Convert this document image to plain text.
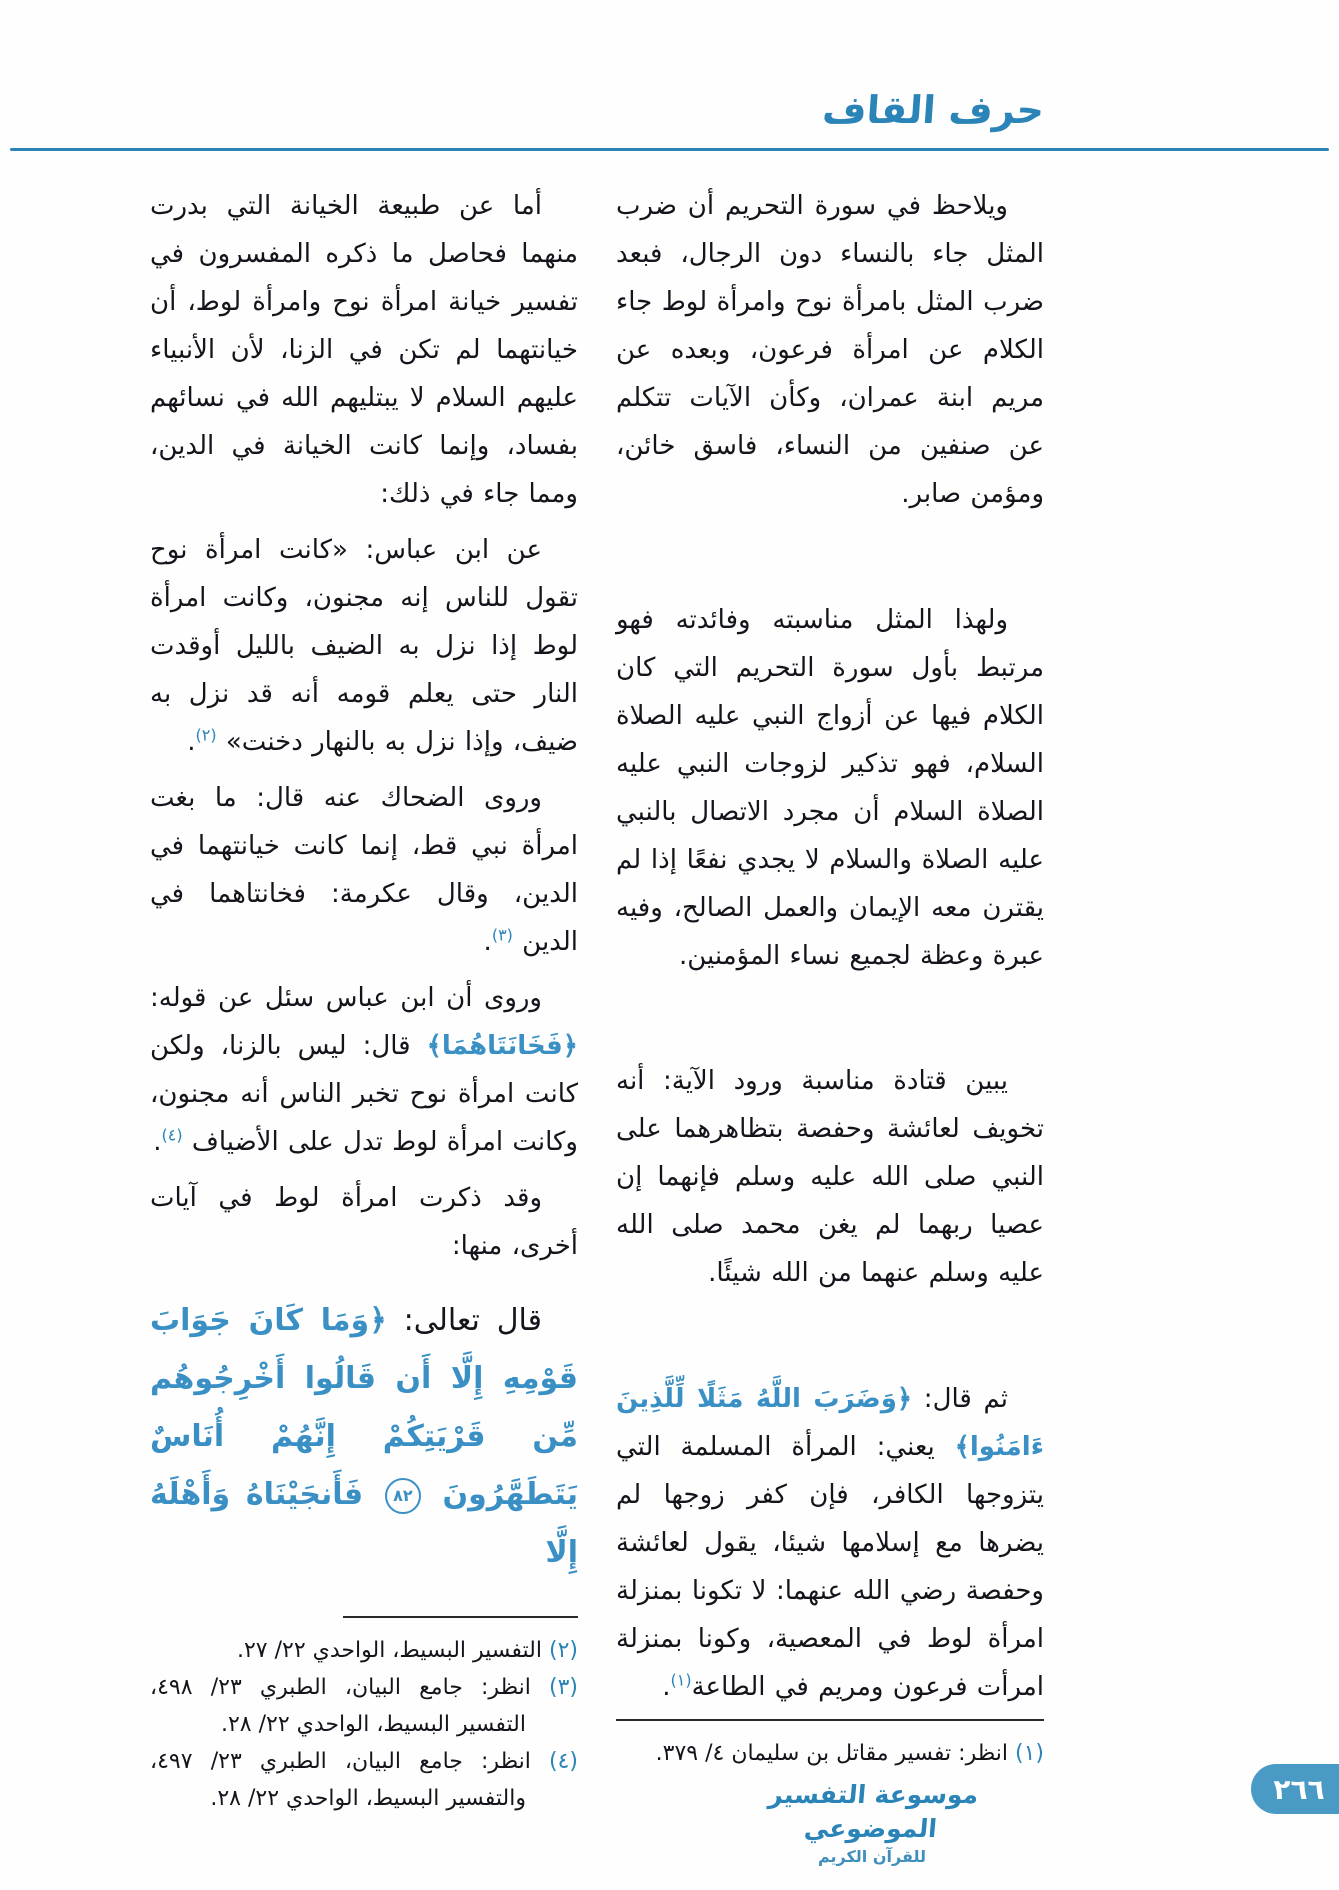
حرف القاف

ويلاحظ في سورة التحريم أن ضرب المثل جاء بالنساء دون الرجال، فبعد ضرب المثل بامرأة نوح وامرأة لوط جاء الكلام عن امرأة فرعون، وبعده عن مريم ابنة عمران، وكأن الآيات تتكلم عن صنفين من النساء، فاسق خائن، ومؤمن صابر.

ولهذا المثل مناسبته وفائدته فهو مرتبط بأول سورة التحريم التي كان الكلام فيها عن أزواج النبي عليه الصلاة السلام، فهو تذكير لزوجات النبي عليه الصلاة السلام أن مجرد الاتصال بالنبي عليه الصلاة والسلام لا يجدي نفعًا إذا لم يقترن معه الإيمان والعمل الصالح، وفيه عبرة وعظة لجميع نساء المؤمنين.

يبين قتادة مناسبة ورود الآية: أنه تخويف لعائشة وحفصة بتظاهرهما على النبي صلى الله عليه وسلم فإنهما إن عصيا ربهما لم يغن محمد صلى الله عليه وسلم عنهما من الله شيئًا.

ثم قال: ﴿وَضَرَبَ اللَّهُ مَثَلًا لِّلَّذِينَ ءَامَنُوا﴾ يعني: المرأة المسلمة التي يتزوجها الكافر، فإن كفر زوجها لم يضرها مع إسلامها شيئا، يقول لعائشة وحفصة رضي الله عنهما: لا تكونا بمنزلة امرأة لوط في المعصية، وكونا بمنزلة امرأت فرعون ومريم في الطاعة$^{(١)}$.

(١) انظر: تفسير مقاتل بن سليمان ٤/ ٣٧٩.

أما عن طبيعة الخيانة التي بدرت منهما فحاصل ما ذكره المفسرون في تفسير خيانة امرأة نوح وامرأة لوط، أن خيانتهما لم تكن في الزنا، لأن الأنبياء عليهم السلام لا يبتليهم الله في نسائهم بفساد، وإنما كانت الخيانة في الدين، ومما جاء في ذلك:

عن ابن عباس: «كانت امرأة نوح تقول للناس إنه مجنون، وكانت امرأة لوط إذا نزل به الضيف بالليل أوقدت النار حتى يعلم قومه أنه قد نزل به ضيف، وإذا نزل به بالنهار دخنت» $^{(٢)}$.

وروى الضحاك عنه قال: ما بغت امرأة نبي قط، إنما كانت خيانتهما في الدين، وقال عكرمة: فخانتاهما في الدين $^{(٣)}$.

وروى أن ابن عباس سئل عن قوله: ﴿فَخَانَتَاهُمَا﴾ قال: ليس بالزنا، ولكن كانت امرأة نوح تخبر الناس أنه مجنون، وكانت امرأة لوط تدل على الأضياف $^{(٤)}$.

وقد ذكرت امرأة لوط في آيات أخرى، منها:

قال تعالى: ﴿وَمَا كَانَ جَوَابَ قَوْمِهِ إِلَّا أَن قَالُوا أَخْرِجُوهُم مِّن قَرْيَتِكُمْ إِنَّهُمْ أُنَاسٌ يَتَطَهَّرُونَ ٨٢ فَأَنجَيْنَاهُ وَأَهْلَهُ إِلَّا

(٢) التفسير البسيط، الواحدي ٢٢/ ٢٧.
(٣) انظر: جامع البيان، الطبري ٢٣/ ٤٩٨، التفسير البسيط، الواحدي ٢٢/ ٢٨.
(٤) انظر: جامع البيان، الطبري ٢٣/ ٤٩٧، والتفسير البسيط، الواحدي ٢٢/ ٢٨.	موسوعة التفسير الموضوعي
للقرآن الكريم
٢٦٦
